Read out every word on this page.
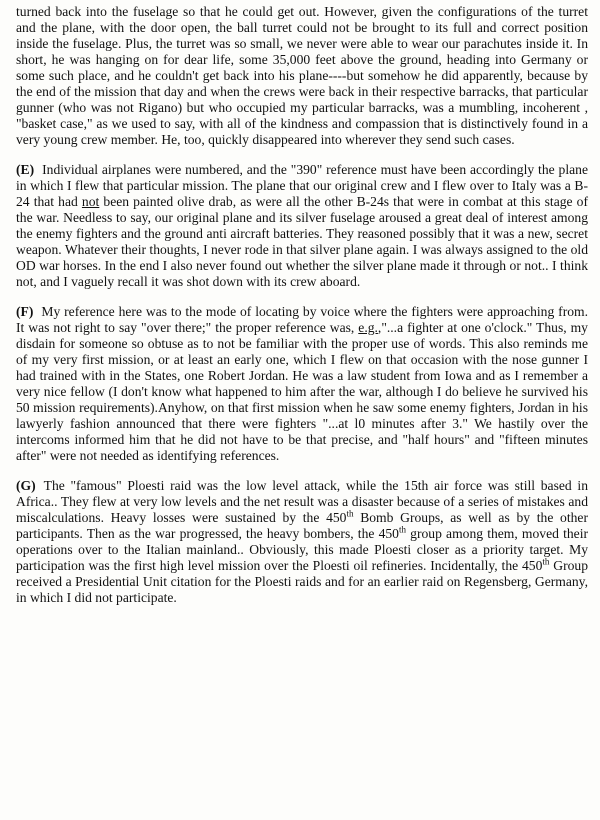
turned back into the fuselage so that he could get out. However, given the configurations of the turret and the plane, with the door open, the ball turret could not be brought to its full and correct position inside the fuselage. Plus, the turret was so small, we never were able to wear our parachutes inside it. In short, he was hanging on for dear life, some 35,000 feet above the ground, heading into Germany or some such place, and he couldn't get back into his plane----but somehow he did apparently, because by the end of the mission that day and when the crews were back in their respective barracks, that particular gunner (who was not Rigano) but who occupied my particular barracks, was a mumbling, incoherent , "basket case," as we used to say, with all of the kindness and compassion that is distinctively found in a very young crew member. He, too, quickly disappeared into wherever they send such cases.

(E) Individual airplanes were numbered, and the "390" reference must have been accordingly the plane in which I flew that particular mission. The plane that our original crew and I flew over to Italy was a B-24 that had not been painted olive drab, as were all the other B-24s that were in combat at this stage of the war. Needless to say, our original plane and its silver fuselage aroused a great deal of interest among the enemy fighters and the ground anti aircraft batteries. They reasoned possibly that it was a new, secret weapon. Whatever their thoughts, I never rode in that silver plane again. I was always assigned to the old OD war horses. In the end I also never found out whether the silver plane made it through or not.. I think not, and I vaguely recall it was shot down with its crew aboard.

(F) My reference here was to the mode of locating by voice where the fighters were approaching from. It was not right to say "over there;" the proper reference was, e.g.,"...a fighter at one o'clock." Thus, my disdain for someone so obtuse as to not be familiar with the proper use of words. This also reminds me of my very first mission, or at least an early one, which I flew on that occasion with the nose gunner I had trained with in the States, one Robert Jordan. He was a law student from Iowa and as I remember a very nice fellow (I don't know what happened to him after the war, although I do believe he survived his 50 mission requirements).Anyhow, on that first mission when he saw some enemy fighters, Jordan in his lawyerly fashion announced that there were fighters "...at l0 minutes after 3." We hastily over the intercoms informed him that he did not have to be that precise, and "half hours" and "fifteen minutes after" were not needed as identifying references.

(G) The "famous" Ploesti raid was the low level attack, while the 15th air force was still based in Africa.. They flew at very low levels and the net result was a disaster because of a series of mistakes and miscalculations. Heavy losses were sustained by the 450th Bomb Groups, as well as by the other participants. Then as the war progressed, the heavy bombers, the 450th group among them, moved their operations over to the Italian mainland.. Obviously, this made Ploesti closer as a priority target. My participation was the first high level mission over the Ploesti oil refineries. Incidentally, the 450th Group received a Presidential Unit citation for the Ploesti raids and for an earlier raid on Regensberg, Germany, in which I did not participate.
